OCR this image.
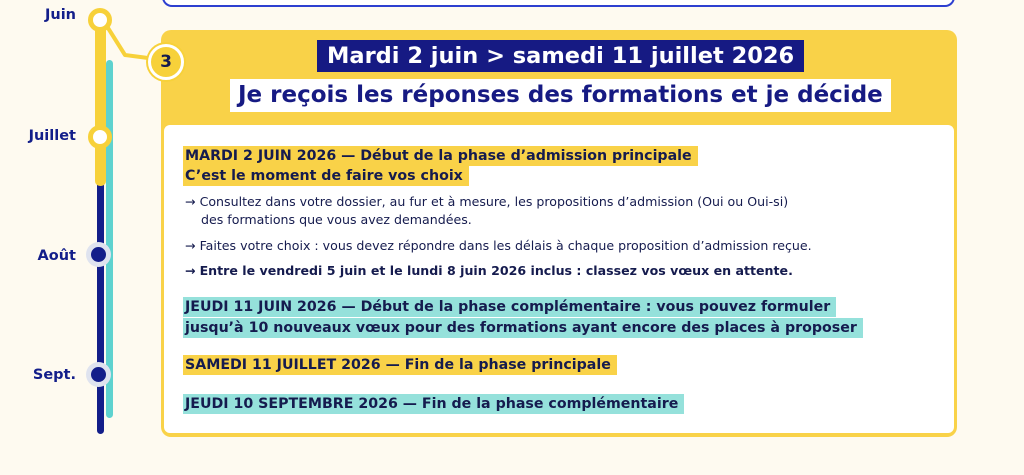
Juin
Juillet
Août
Sept.
3	Mardi 2 juin > samedi 11 juillet 2026
Je reçois les réponses des formations et je décide
MARDI 2 JUIN 2026 — Début de la phase d’admission principale
C’est le moment de faire vos choix
→ Consultez dans votre dossier, au fur et à mesure, les propositions d’admission (Oui ou Oui-si)
des formations que vous avez demandées.
→ Faites votre choix : vous devez répondre dans les délais à chaque proposition d’admission reçue.
→ Entre le vendredi 5 juin et le lundi 8 juin 2026 inclus : classez vos vœux en attente.
JEUDI 11 JUIN 2026 — Début de la phase complémentaire : vous pouvez formuler
jusqu’à 10 nouveaux vœux pour des formations ayant encore des places à proposer
SAMEDI 11 JUILLET 2026 — Fin de la phase principale
JEUDI 10 SEPTEMBRE 2026 — Fin de la phase complémentaire
